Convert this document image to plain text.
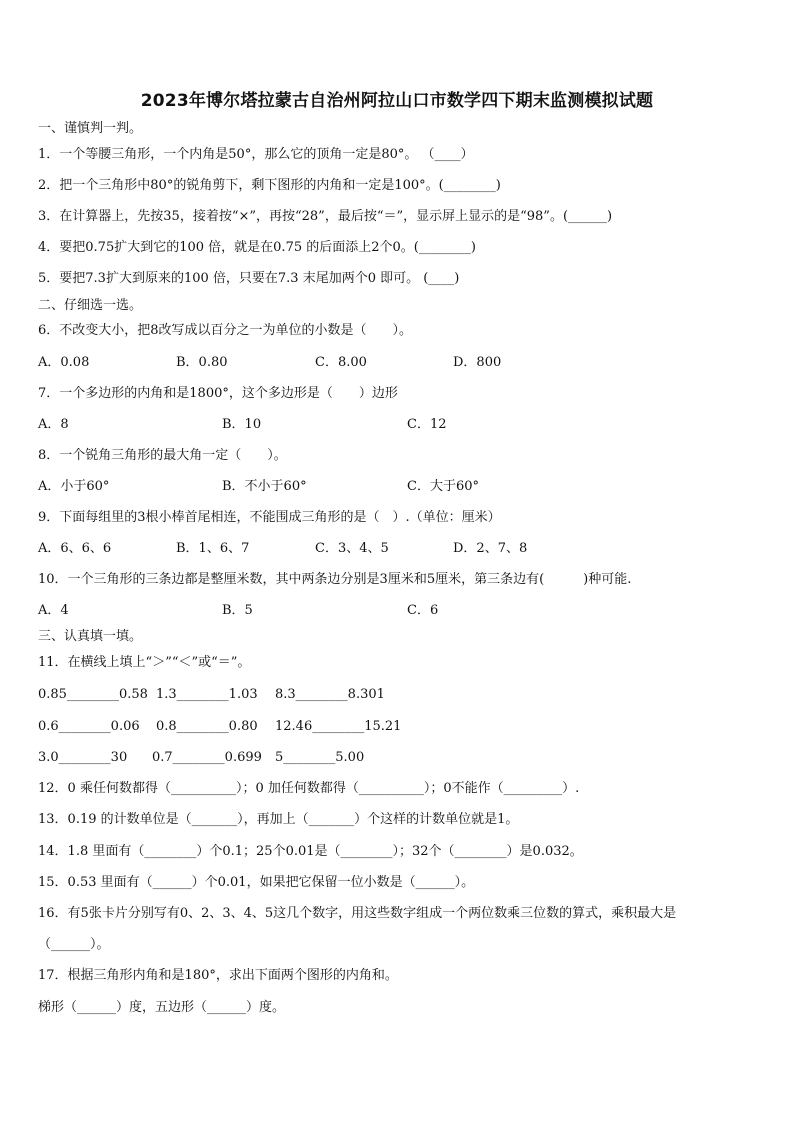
2023年博尔塔拉蒙古自治州阿拉山口市数学四下期末监测模拟试题
一、谨慎判一判。
1．一个等腰三角形，一个内角是50°，那么它的顶角一定是80°。 （____）
2．把一个三角形中80°的锐角剪下，剩下图形的内角和一定是100°。(________)
3．在计算器上，先按35，接着按“×”，再按“28”，最后按“＝”，显示屏上显示的是“98”。(______)
4．要把0.75扩大到它的100 倍，就是在0.75 的后面添上2个0。(________)
5．要把7.3扩大到原来的100 倍，只要在7.3 末尾加两个0 即可。 (____)
二、仔细选一选。
6．不改变大小，把8改写成以百分之一为单位的小数是（　　）。
A．0.08	B．0.80	C．8.00	D．800
7．一个多边形的内角和是1800°，这个多边形是（　　）边形
A．8	B．10	C．12
8．一个锐角三角形的最大角一定（　　）。
A．小于60°	B．不小于60°	C．大于60°
9．下面每组里的3根小棒首尾相连，不能围成三角形的是（　）.（单位：厘米）
A．6、6、6	B．1、6、7	C．3、4、5	D．2、7、8
10．一个三角形的三条边都是整厘米数，其中两条边分别是3厘米和5厘米，第三条边有(　　　)种可能.
A．4	B．5	C．6
三、认真填一填。
11．在横线上填上“＞”“＜”或“＝”。
0.85________0.58 1.3________1.03 8.3________8.301
0.6________0.06 0.8________0.80 12.46________15.21
3.0________30 0.7________0.699 5________5.00
12．0 乘任何数都得（__________）；0 加任何数都得（__________）；0不能作（_________）.
13．0.19 的计数单位是（_______），再加上（_______）个这样的计数单位就是1。
14．1.8 里面有（________）个0.1；25个0.01是（________）；32个（________）是0.032。
15．0.53 里面有（______）个0.01，如果把它保留一位小数是（______）。
16．有5张卡片分别写有0、2、3、4、5这几个数字，用这些数字组成一个两位数乘三位数的算式，乘积最大是
（______）。
17．根据三角形内角和是180°，求出下面两个图形的内角和。
梯形（______）度，五边形（______）度。
